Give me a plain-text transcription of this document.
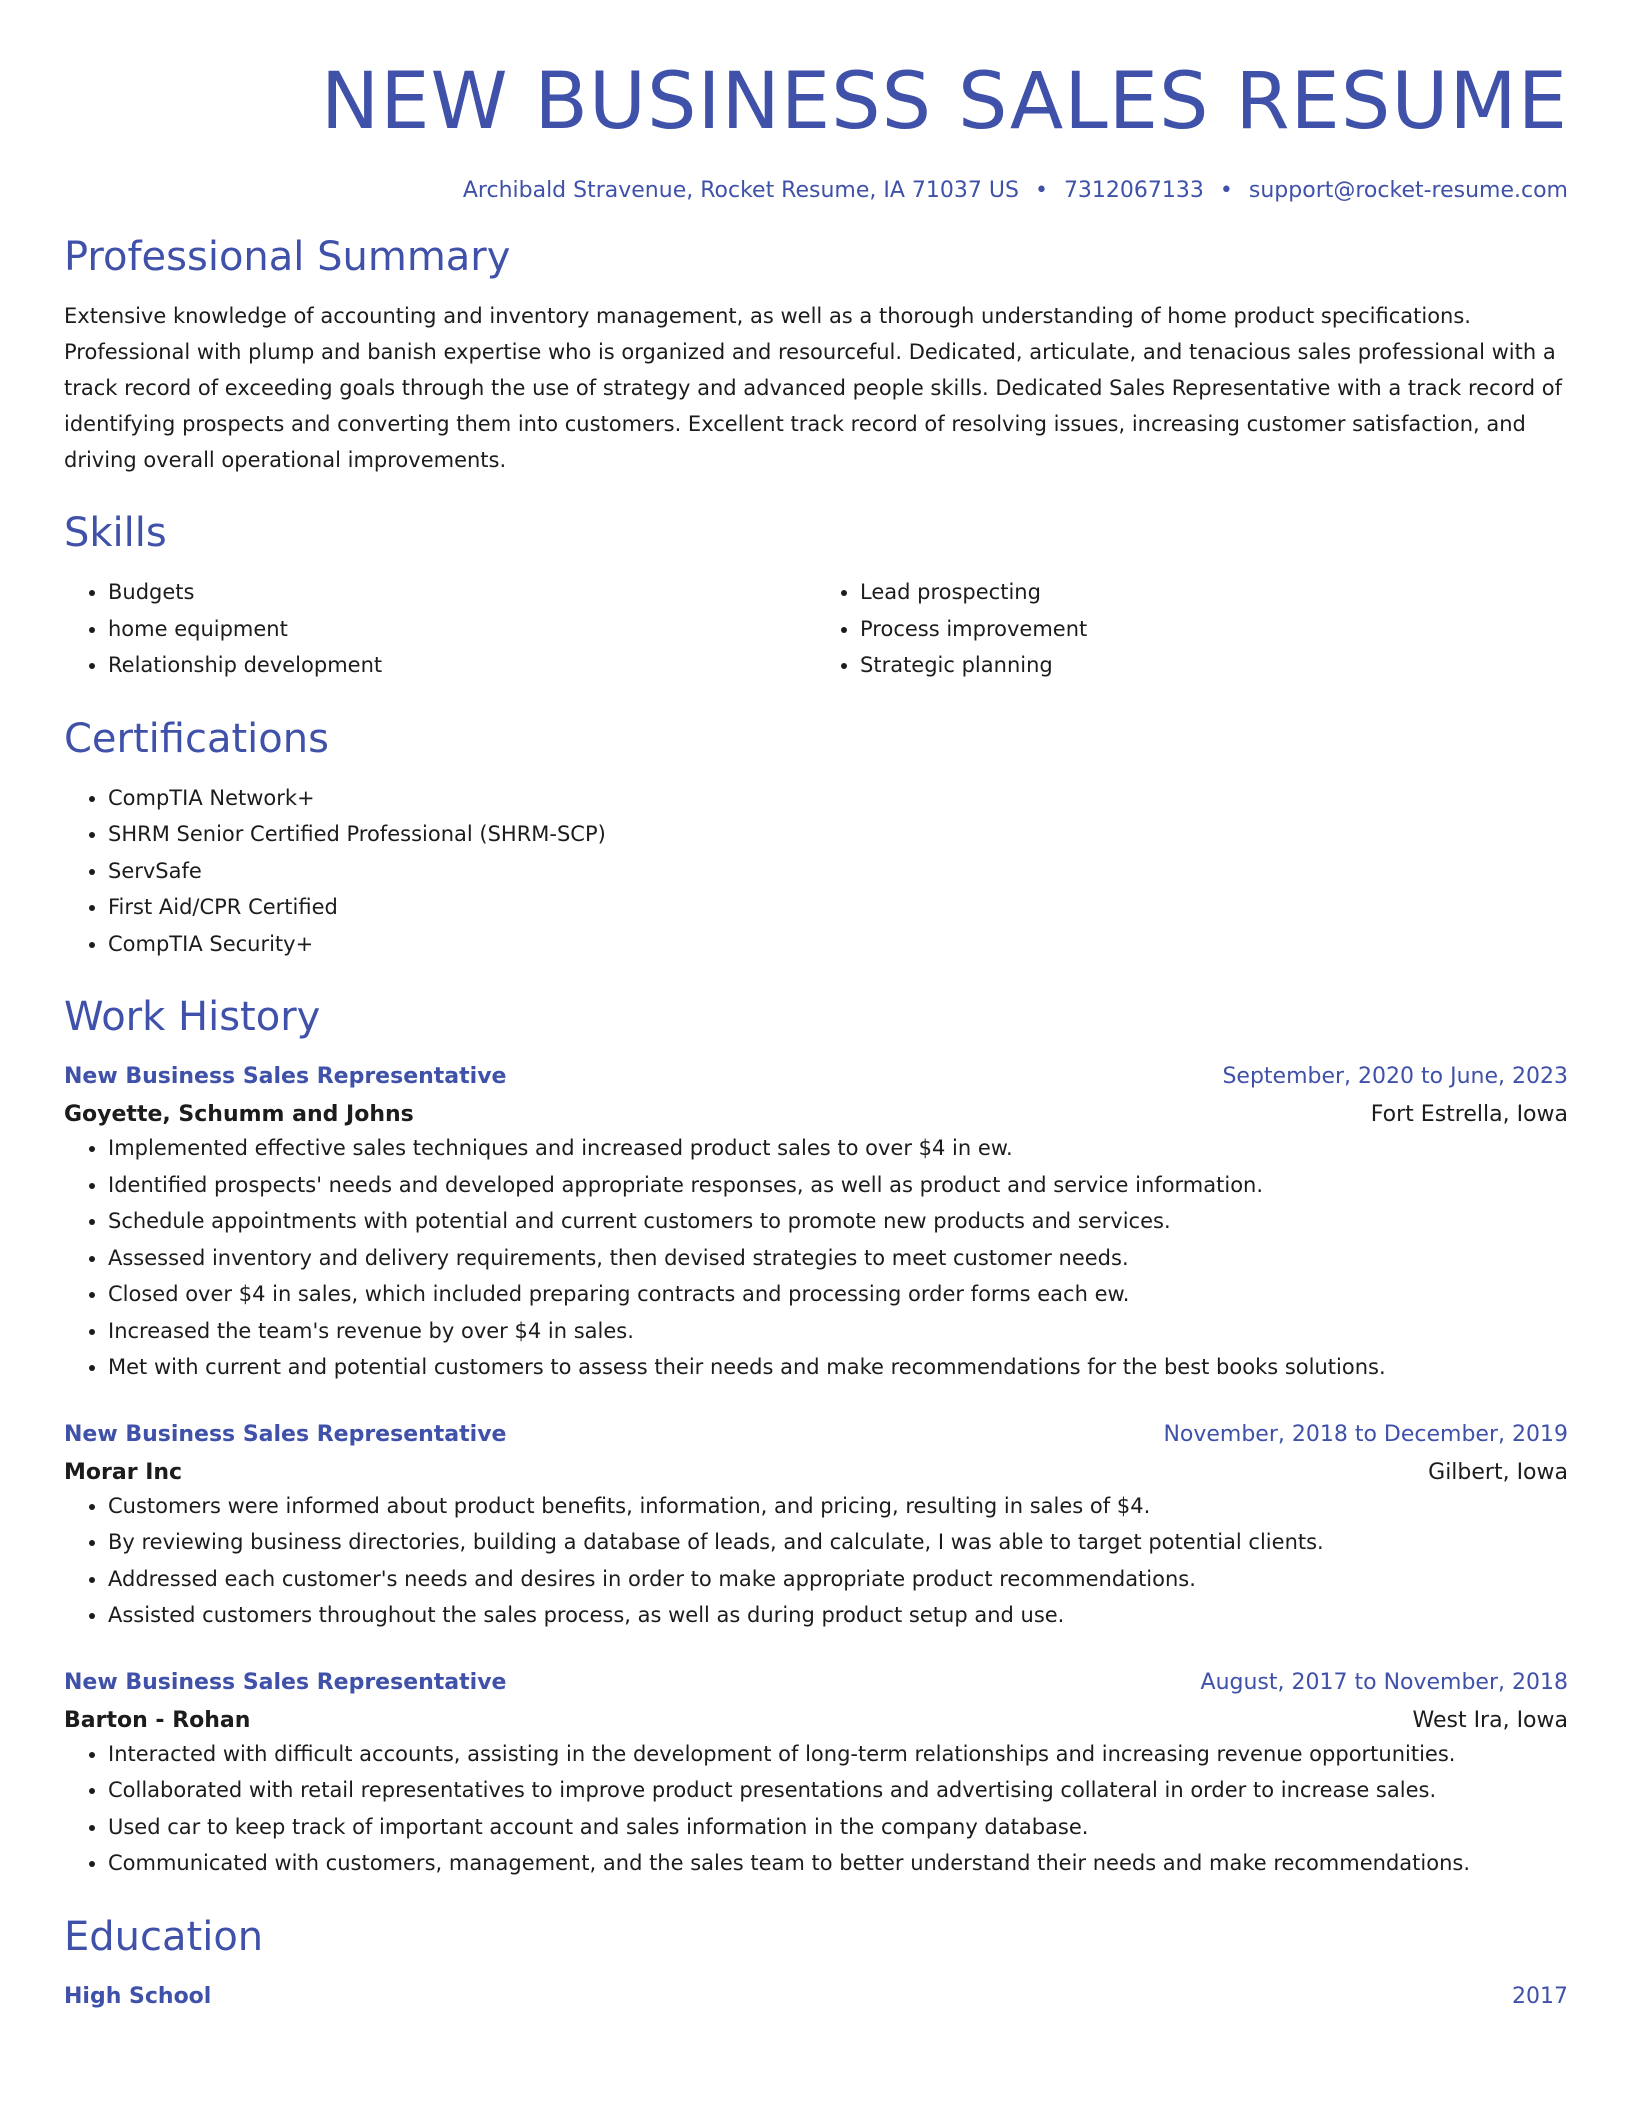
NEW BUSINESS SALES RESUME
Archibald Stravenue, Rocket Resume, IA 71037 US • 7312067133 • support@rocket-resume.com
Professional Summary

Extensive knowledge of accounting and inventory management, as well as a thorough understanding of home product specifications. Professional with plump and banish expertise who is organized and resourceful. Dedicated, articulate, and tenacious sales professional with a track record of exceeding goals through the use of strategy and advanced people skills. Dedicated Sales Representative with a track record of identifying prospects and converting them into customers. Excellent track record of resolving issues, increasing customer satisfaction, and driving overall operational improvements.

Skills
• Budgets
• home equipment
• Relationship development
• Lead prospecting
• Process improvement
• Strategic planning
Certifications
• CompTIA Network+
• SHRM Senior Certified Professional (SHRM-SCP)
• ServSafe
• First Aid/CPR Certified
• CompTIA Security+
Work History
New Business Sales Representative	September, 2020 to June, 2023
Goyette, Schumm and Johns	Fort Estrella, Iowa
• Implemented effective sales techniques and increased product sales to over $4 in ew.
• Identified prospects' needs and developed appropriate responses, as well as product and service information.
• Schedule appointments with potential and current customers to promote new products and services.
• Assessed inventory and delivery requirements, then devised strategies to meet customer needs.
• Closed over $4 in sales, which included preparing contracts and processing order forms each ew.
• Increased the team's revenue by over $4 in sales.
• Met with current and potential customers to assess their needs and make recommendations for the best books solutions.
New Business Sales Representative	November, 2018 to December, 2019
Morar Inc	Gilbert, Iowa
• Customers were informed about product benefits, information, and pricing, resulting in sales of $4.
• By reviewing business directories, building a database of leads, and calculate, I was able to target potential clients.
• Addressed each customer's needs and desires in order to make appropriate product recommendations.
• Assisted customers throughout the sales process, as well as during product setup and use.
New Business Sales Representative	August, 2017 to November, 2018
Barton - Rohan	West Ira, Iowa
• Interacted with difficult accounts, assisting in the development of long-term relationships and increasing revenue opportunities.
• Collaborated with retail representatives to improve product presentations and advertising collateral in order to increase sales.
• Used car to keep track of important account and sales information in the company database.
• Communicated with customers, management, and the sales team to better understand their needs and make recommendations.
Education
High School	2017
